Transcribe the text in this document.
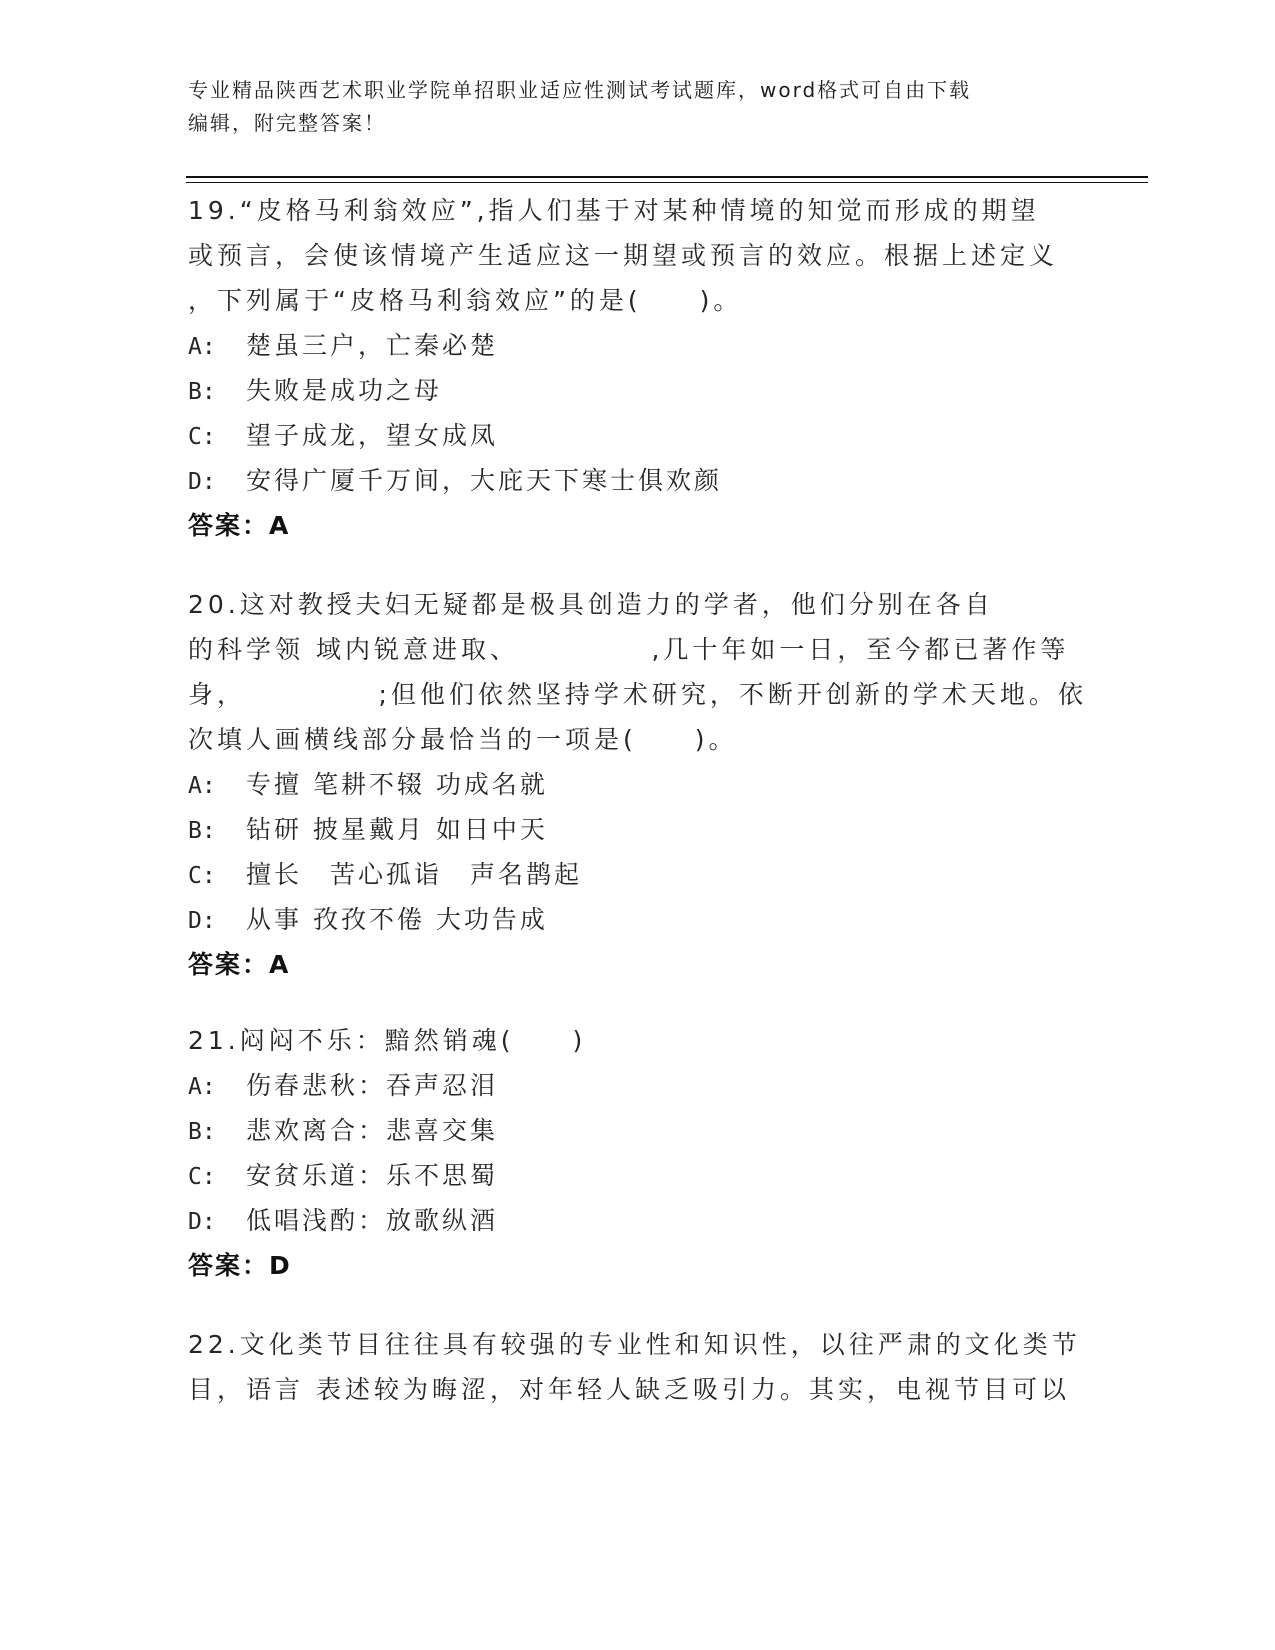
专业精品陕西艺术职业学院单招职业适应性测试考试题库，word格式可自由下载
编辑，附完整答案！
19.“皮格马利翁效应”,指人们基于对某种情境的知觉而形成的期望
或预言，会使该情境产生适应这一期望或预言的效应。根据上述定义
，下列属于“皮格马利翁效应”的是(　　)。
A: 楚虽三户，亡秦必楚
B: 失败是成功之母
C: 望子成龙，望女成凤
D: 安得广厦千万间，大庇天下寒士俱欢颜
答案：A
20.这对教授夫妇无疑都是极具创造力的学者，他们分别在各自
的科学领 域内锐意进取、　　　　　,几十年如一日，至今都已著作等
身，　　　　　;但他们依然坚持学术研究，不断开创新的学术天地。依
次填人画横线部分最恰当的一项是(　　)。
A: 专擅 笔耕不辍 功成名就
B: 钻研 披星戴月 如日中天
C: 擅长　苦心孤诣　声名鹊起
D: 从事 孜孜不倦 大功告成
答案：A
21.闷闷不乐：黯然销魂(　　)
A: 伤春悲秋：吞声忍泪
B: 悲欢离合：悲喜交集
C: 安贫乐道：乐不思蜀
D: 低唱浅酌：放歌纵酒
答案：D
22.文化类节目往往具有较强的专业性和知识性，以往严肃的文化类节
目，语言 表述较为晦涩，对年轻人缺乏吸引力。其实，电视节目可以
